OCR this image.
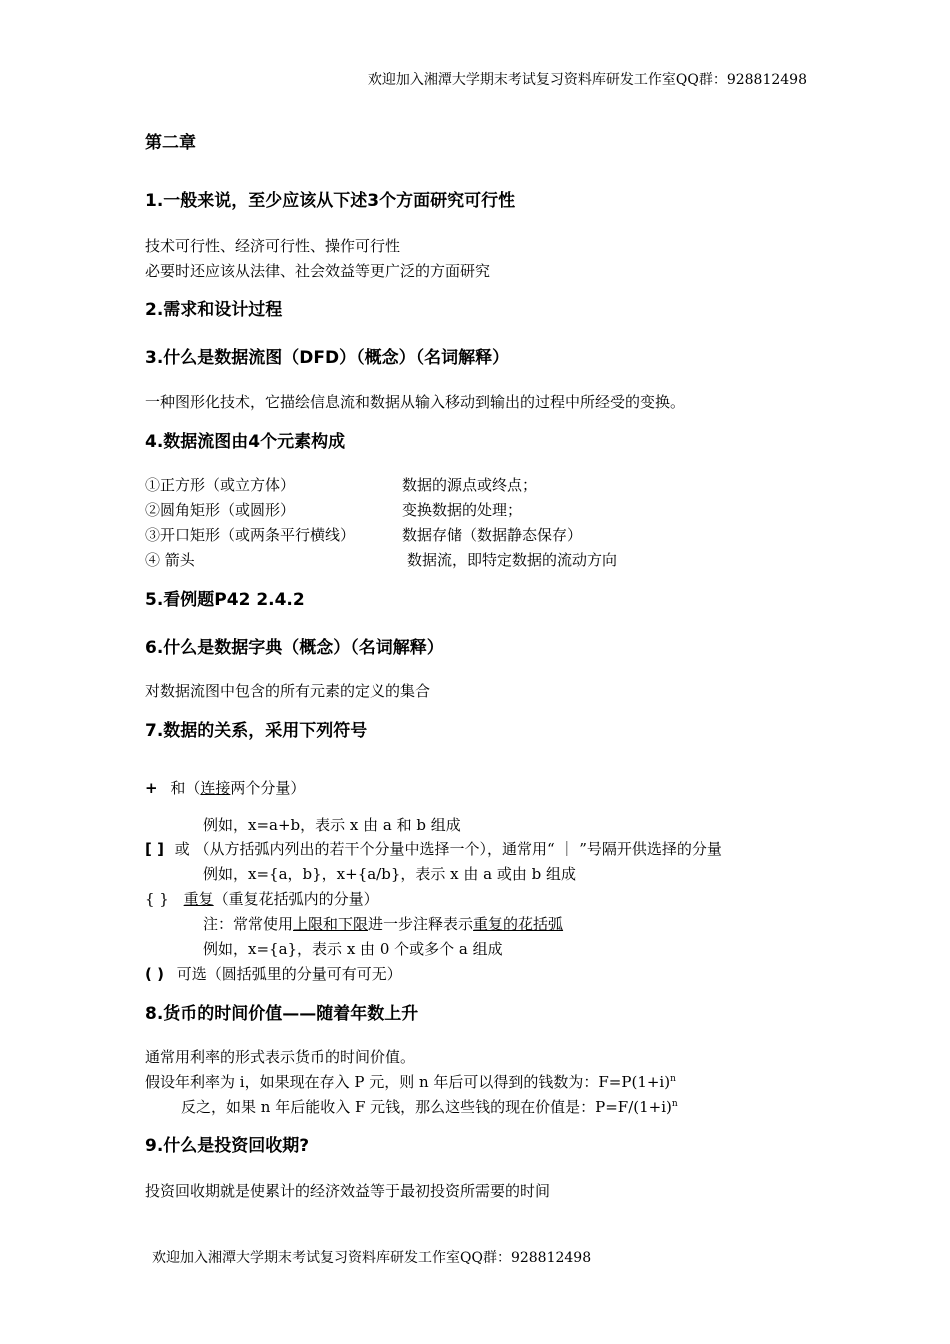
欢迎加入湘潭大学期末考试复习资料库研发工作室QQ群：928812498
第二章
1.一般来说，至少应该从下述3个方面研究可行性
技术可行性、经济可行性、操作可行性
必要时还应该从法律、社会效益等更广泛的方面研究
2.需求和设计过程
3.什么是数据流图（DFD）（概念）（名词解释）
一种图形化技术，它描绘信息流和数据从输入移动到输出的过程中所经受的变换。
4.数据流图由4个元素构成
①正方形（或立方体）	数据的源点或终点；
②圆角矩形（或圆形）	变换数据的处理；
③开口矩形（或两条平行横线）	数据存储（数据静态保存）
④ 箭头	数据流，即特定数据的流动方向
5.看例题P42 2.4.2
6.什么是数据字典（概念）（名词解释）
对数据流图中包含的所有元素的定义的集合
7.数据的关系，采用下列符号
+ 和（连接两个分量）
例如，x=a+b，表示 x 由 a 和 b 组成
[ ] 或 （从方括弧内列出的若干个分量中选择一个），通常用“ ｜ ”号隔开供选择的分量
例如，x={a，b}，x+{a/b}，表示 x 由 a 或由 b 组成
{ } 重复（重复花括弧内的分量）
注：常常使用上限和下限进一步注释表示重复的花括弧
例如，x={a}，表示 x 由 0 个或多个 a 组成
( ) 可选（圆括弧里的分量可有可无）
8.货币的时间价值——随着年数上升
通常用利率的形式表示货币的时间价值。
假设年利率为 i，如果现在存入 P 元，则 n 年后可以得到的钱数为：$F=P(1+i)^n$
反之，如果 n 年后能收入 F 元钱，那么这些钱的现在价值是：$P=F/(1+i)^n$
9.什么是投资回收期?
投资回收期就是使累计的经济效益等于最初投资所需要的时间
欢迎加入湘潭大学期末考试复习资料库研发工作室QQ群：928812498
